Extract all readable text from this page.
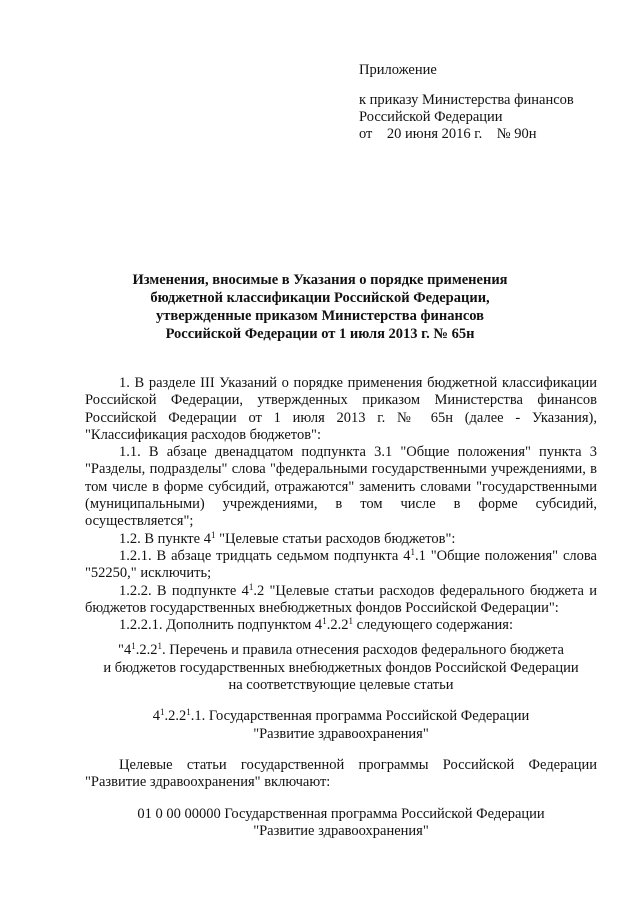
Приложение
к приказу Министерства финансов
Российской Федерации
от    20 июня 2016 г.    № 90н
Изменения, вносимые в Указания о порядке применения
бюджетной классификации Российской Федерации,
утвержденные приказом Министерства финансов
Российской Федерации от 1 июля 2013 г. № 65н

1. В разделе III Указаний о порядке применения бюджетной классификации Российской Федерации, утвержденных приказом Министерства финансов Российской Федерации от 1 июля 2013 г. № 65н (далее - Указания), "Классификация расходов бюджетов":

1.1. В абзаце двенадцатом подпункта 3.1 "Общие положения" пункта 3 "Разделы, подразделы" слова "федеральными государственными учреждениями, в том числе в форме субсидий, отражаются" заменить словами "государственными (муниципальными) учреждениями, в том числе в форме субсидий, осуществляется";

1.2. В пункте $4^1$ "Целевые статьи расходов бюджетов":

1.2.1. В абзаце тридцать седьмом подпункта $4^1.1$ "Общие положения" слова "52250," исключить;

1.2.2. В подпункте $4^1.2$ "Целевые статьи расходов федерального бюджета и бюджетов государственных внебюджетных фондов Российской Федерации":

1.2.2.1. Дополнить подпунктом $4^1.2.2^1$ следующего содержания:

"$4^1.2.2^1$. Перечень и правила отнесения расходов федерального бюджета

и бюджетов государственных внебюджетных фондов Российской Федерации

на соответствующие целевые статьи

$4^1.2.2^1.1$. Государственная программа Российской Федерации

"Развитие здравоохранения"

Целевые статьи государственной программы Российской Федерации "Развитие здравоохранения" включают:

01 0 00 00000 Государственная программа Российской Федерации

"Развитие здравоохранения"
